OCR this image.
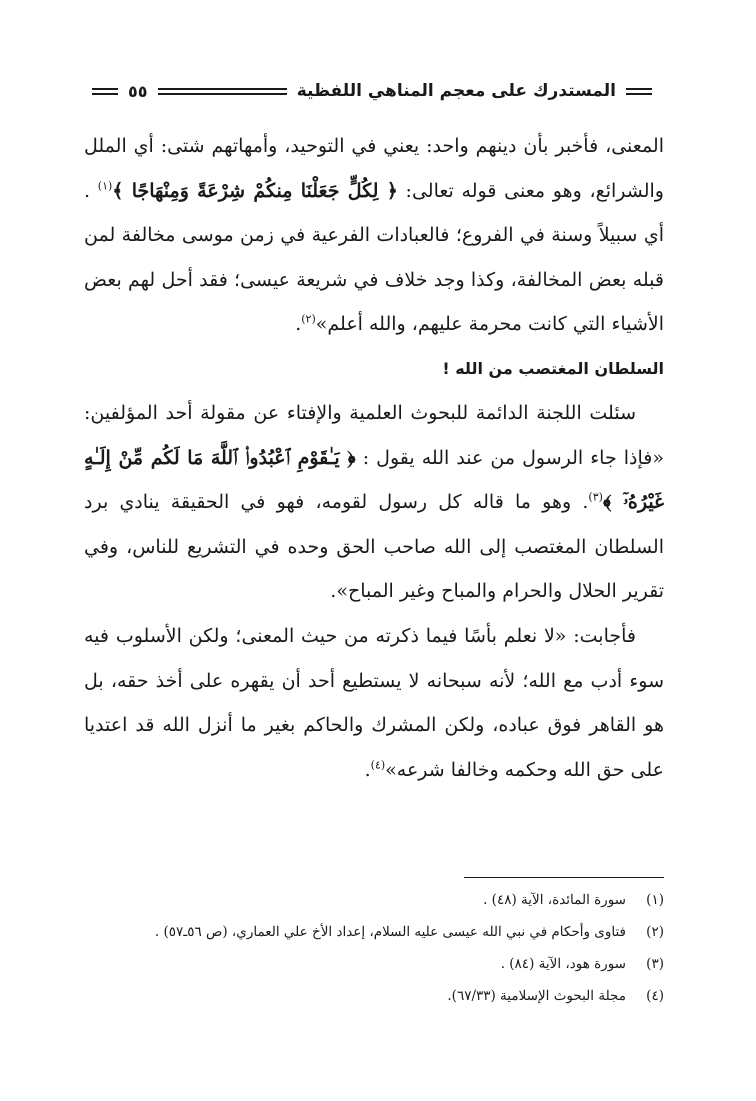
المستدرك على معجم المناهي اللفظية
٥٥

المعنى، فأخبر بأن دينهم واحد: يعني في التوحيد، وأمهاتهم شتى: أي الملل والشرائع، وهو معنى قوله تعالى: ﴿ لِكُلٍّ جَعَلْنَا مِنكُمْ شِرْعَةً وَمِنْهَاجًا ﴾$^{(١)}$ . أي سبيلاً وسنة في الفروع؛ فالعبادات الفرعية في زمن موسى مخالفة لمن قبله بعض المخالفة، وكذا وجد خلاف في شريعة عيسى؛ فقد أحل لهم بعض الأشياء التي كانت محرمة عليهم، والله أعلم»$^{(٢)}$.

السلطان المغتصب من الله !

سئلت اللجنة الدائمة للبحوث العلمية والإفتاء عن مقولة أحد المؤلفين: «فإذا جاء الرسول من عند الله يقول : ﴿ يَـٰقَوْمِ ٱعْبُدُوا۟ ٱللَّهَ مَا لَكُم مِّنْ إِلَـٰهٍ غَيْرُهُۥٓ ﴾$^{(٣)}$. وهو ما قاله كل رسول لقومه، فهو في الحقيقة ينادي برد السلطان المغتصب إلى الله صاحب الحق وحده في التشريع للناس، وفي تقرير الحلال والحرام والمباح وغير المباح».

فأجابت: «لا نعلم بأسًا فيما ذكرته من حيث المعنى؛ ولكن الأسلوب فيه سوء أدب مع الله؛ لأنه سبحانه لا يستطيع أحد أن يقهره على أخذ حقه، بل هو القاهر فوق عباده، ولكن المشرك والحاكم بغير ما أنزل الله قد اعتديا على حق الله وحكمه وخالفا شرعه»$^{(٤)}$.

(١)
سورة المائدة، الآية (٤٨) .
(٢)
فتاوى وأحكام في نبي الله عيسى عليه السلام، إعداد الأخ علي العماري، (ص ٥٦ـ٥٧) .
(٣)
سورة هود، الآية (٨٤) .
(٤)
مجلة البحوث الإسلامية (٦٧/٣٣).
